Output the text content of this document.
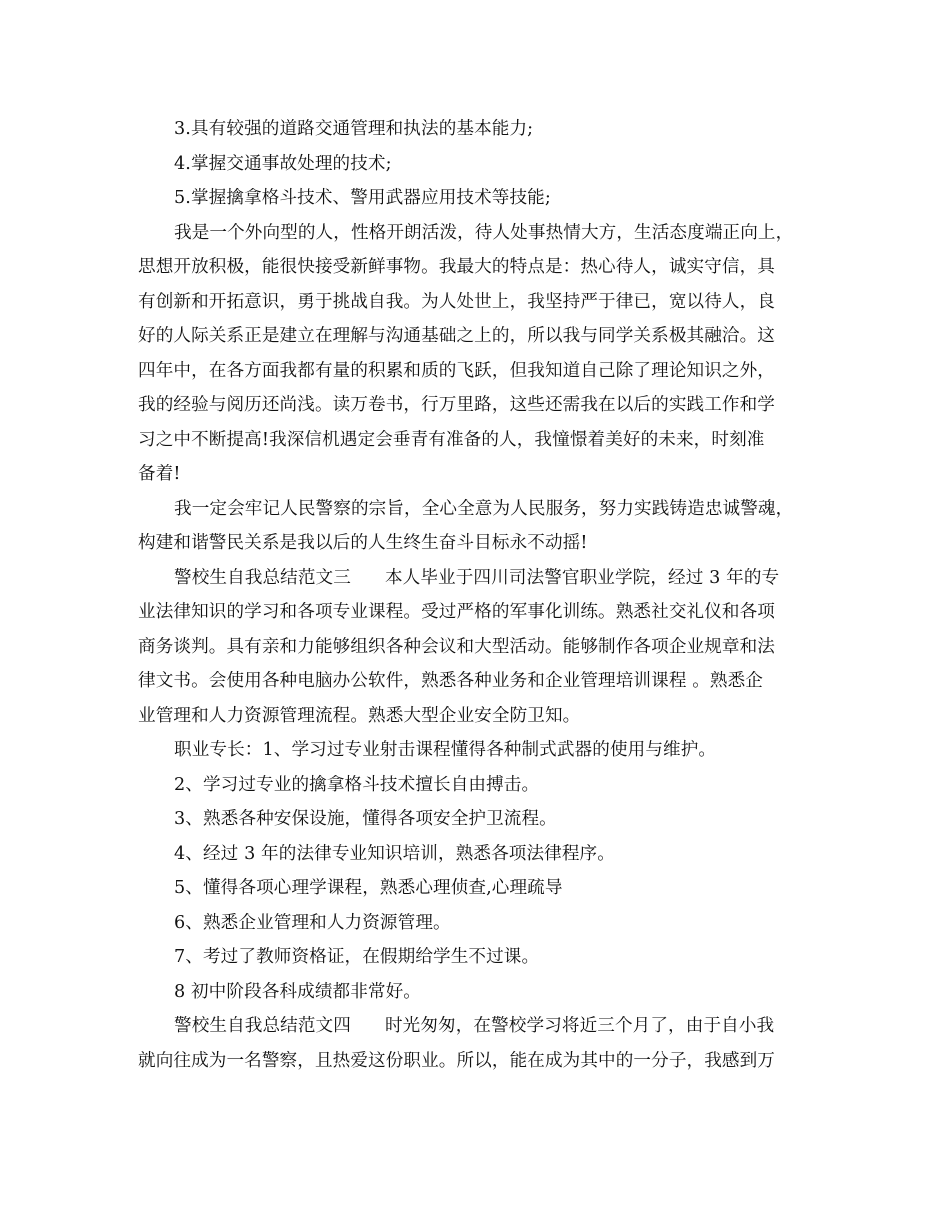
3.具有较强的道路交通管理和执法的基本能力;
4.掌握交通事故处理的技术;
5.掌握擒拿格斗技术、警用武器应用技术等技能;
我是一个外向型的人，性格开朗活泼，待人处事热情大方，生活态度端正向上，
思想开放积极，能很快接受新鲜事物。我最大的特点是：热心待人，诚实守信，具
有创新和开拓意识，勇于挑战自我。为人处世上，我坚持严于律已，宽以待人，良
好的人际关系正是建立在理解与沟通基础之上的，所以我与同学关系极其融洽。这
四年中，在各方面我都有量的积累和质的飞跃，但我知道自己除了理论知识之外，
我的经验与阅历还尚浅。读万卷书，行万里路，这些还需我在以后的实践工作和学
习之中不断提高!我深信机遇定会垂青有准备的人，我憧憬着美好的未来，时刻准
备着!
我一定会牢记人民警察的宗旨，全心全意为人民服务，努力实践铸造忠诚警魂，
构建和谐警民关系是我以后的人生终生奋斗目标永不动摇!
警校生自我总结范文三 本人毕业于四川司法警官职业学院，经过 3 年的专
业法律知识的学习和各项专业课程。受过严格的军事化训练。熟悉社交礼仪和各项
商务谈判。具有亲和力能够组织各种会议和大型活动。能够制作各项企业规章和法
律文书。会使用各种电脑办公软件，熟悉各种业务和企业管理培训课程 。熟悉企
业管理和人力资源管理流程。熟悉大型企业安全防卫知。
职业专长：1、学习过专业射击课程懂得各种制式武器的使用与维护。
2、学习过专业的擒拿格斗技术擅长自由搏击。
3、熟悉各种安保设施，懂得各项安全护卫流程。
4、经过 3 年的法律专业知识培训，熟悉各项法律程序。
5、懂得各项心理学课程，熟悉心理侦查,心理疏导
6、熟悉企业管理和人力资源管理。
7、考过了教师资格证，在假期给学生不过课。
8 初中阶段各科成绩都非常好。
警校生自我总结范文四 时光匆匆，在警校学习将近三个月了，由于自小我
就向往成为一名警察，且热爱这份职业。所以，能在成为其中的一分子，我感到万
